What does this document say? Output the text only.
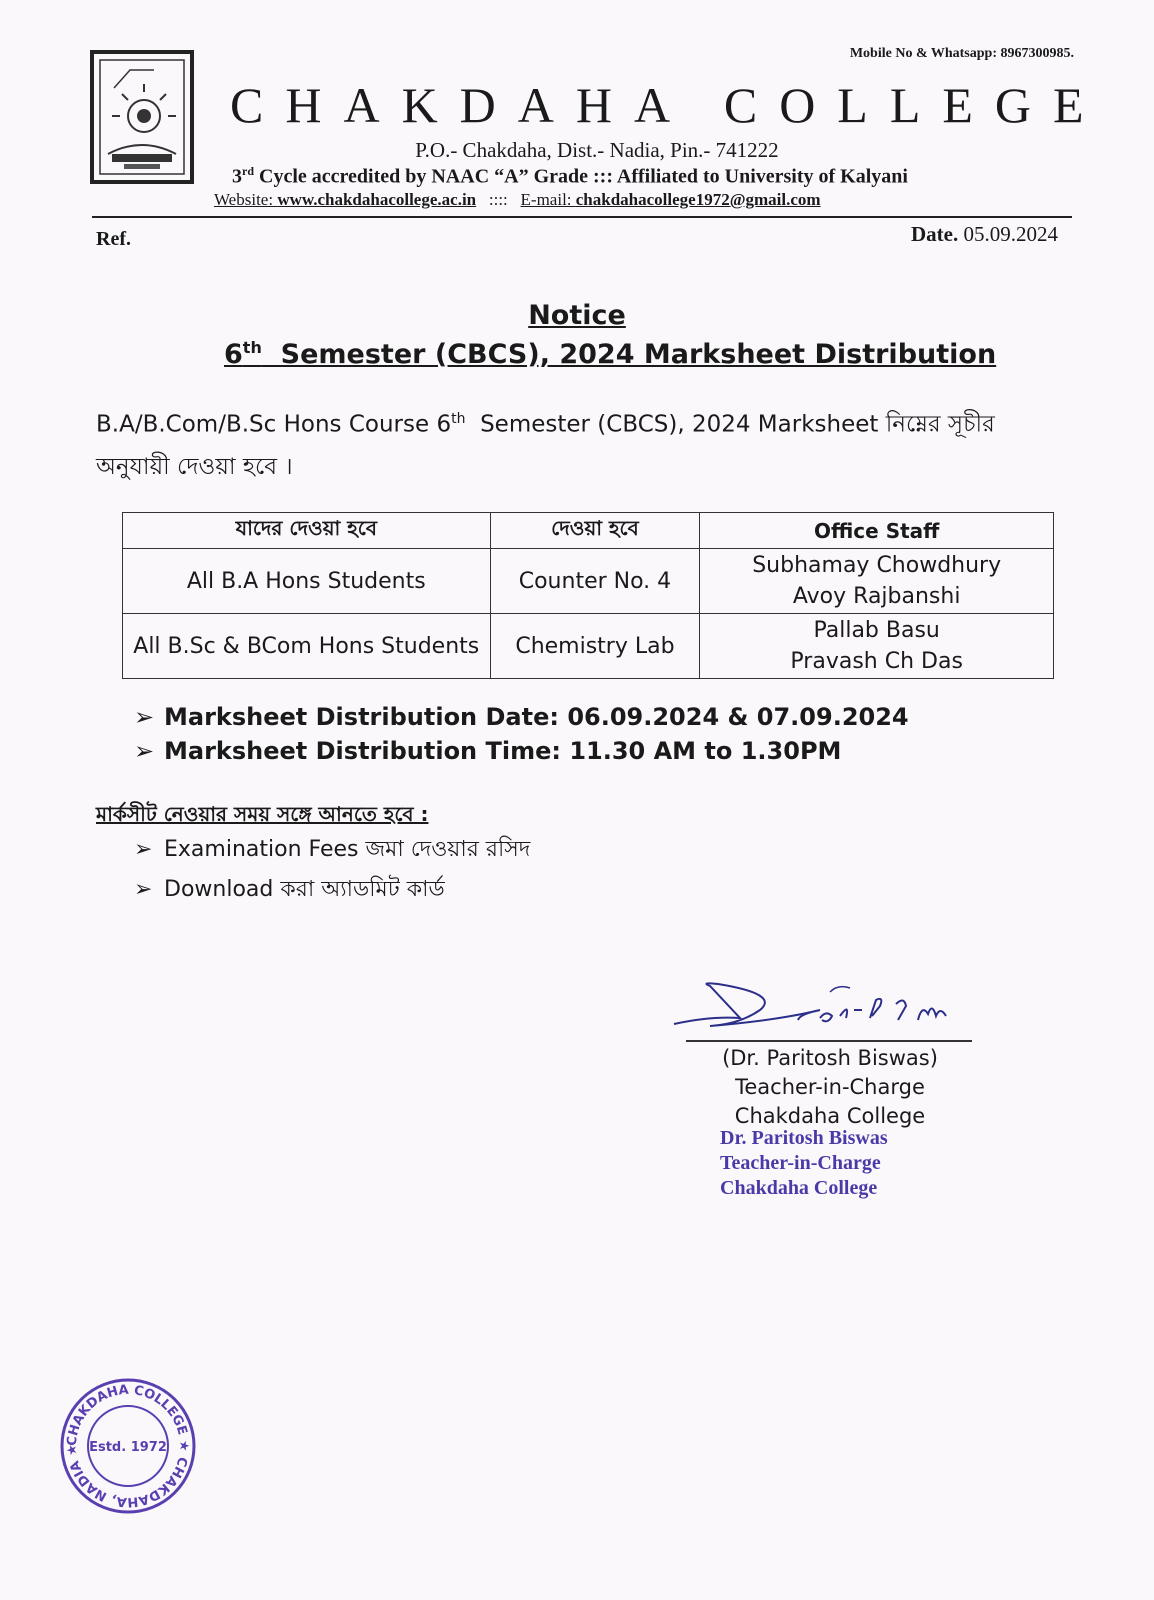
Mobile No & Whatsapp: 8967300985.
CHAKDAHA COLLEGE
P.O.- Chakdaha, Dist.- Nadia, Pin.- 741222
3rd Cycle accredited by NAAC “A” Grade ::: Affiliated to University of Kalyani
Website: www.chakdahacollege.ac.in   ::::   E-mail: chakdahacollege1972@gmail.com
Ref.	Date. 05.09.2024
Notice
6th  Semester (CBCS), 2024 Marksheet Distribution
B.A/B.Com/B.Sc Hons Course 6th  Semester (CBCS), 2024 Marksheet নিম্নের সূচীর অনুযায়ী দেওয়া হবে ।
যাদের দেওয়া হবে	দেওয়া হবে	Office Staff
All B.A Hons Students	Counter No. 4	Subhamay Chowdhury
Avoy Rajbanshi

All B.Sc & BCom Hons Students	Chemistry Lab	Pallab Basu
Pravash Ch Das
➢ Marksheet Distribution Date: 06.09.2024 & 07.09.2024
➢ Marksheet Distribution Time: 11.30 AM to 1.30PM
মার্কসীট নেওয়ার সময় সঙ্গে আনতে হবে :
➢ Examination Fees জমা দেওয়ার রসিদ
➢ Download করা অ্যাডমিট কার্ড
(Dr. Paritosh Biswas)
Teacher-in-Charge
Chakdaha College
Dr. Paritosh Biswas
Teacher-in-Charge
Chakdaha College
CHAKDAHA COLLEGE ★ CHAKDAHA, NADIA ★ Estd. 1972
